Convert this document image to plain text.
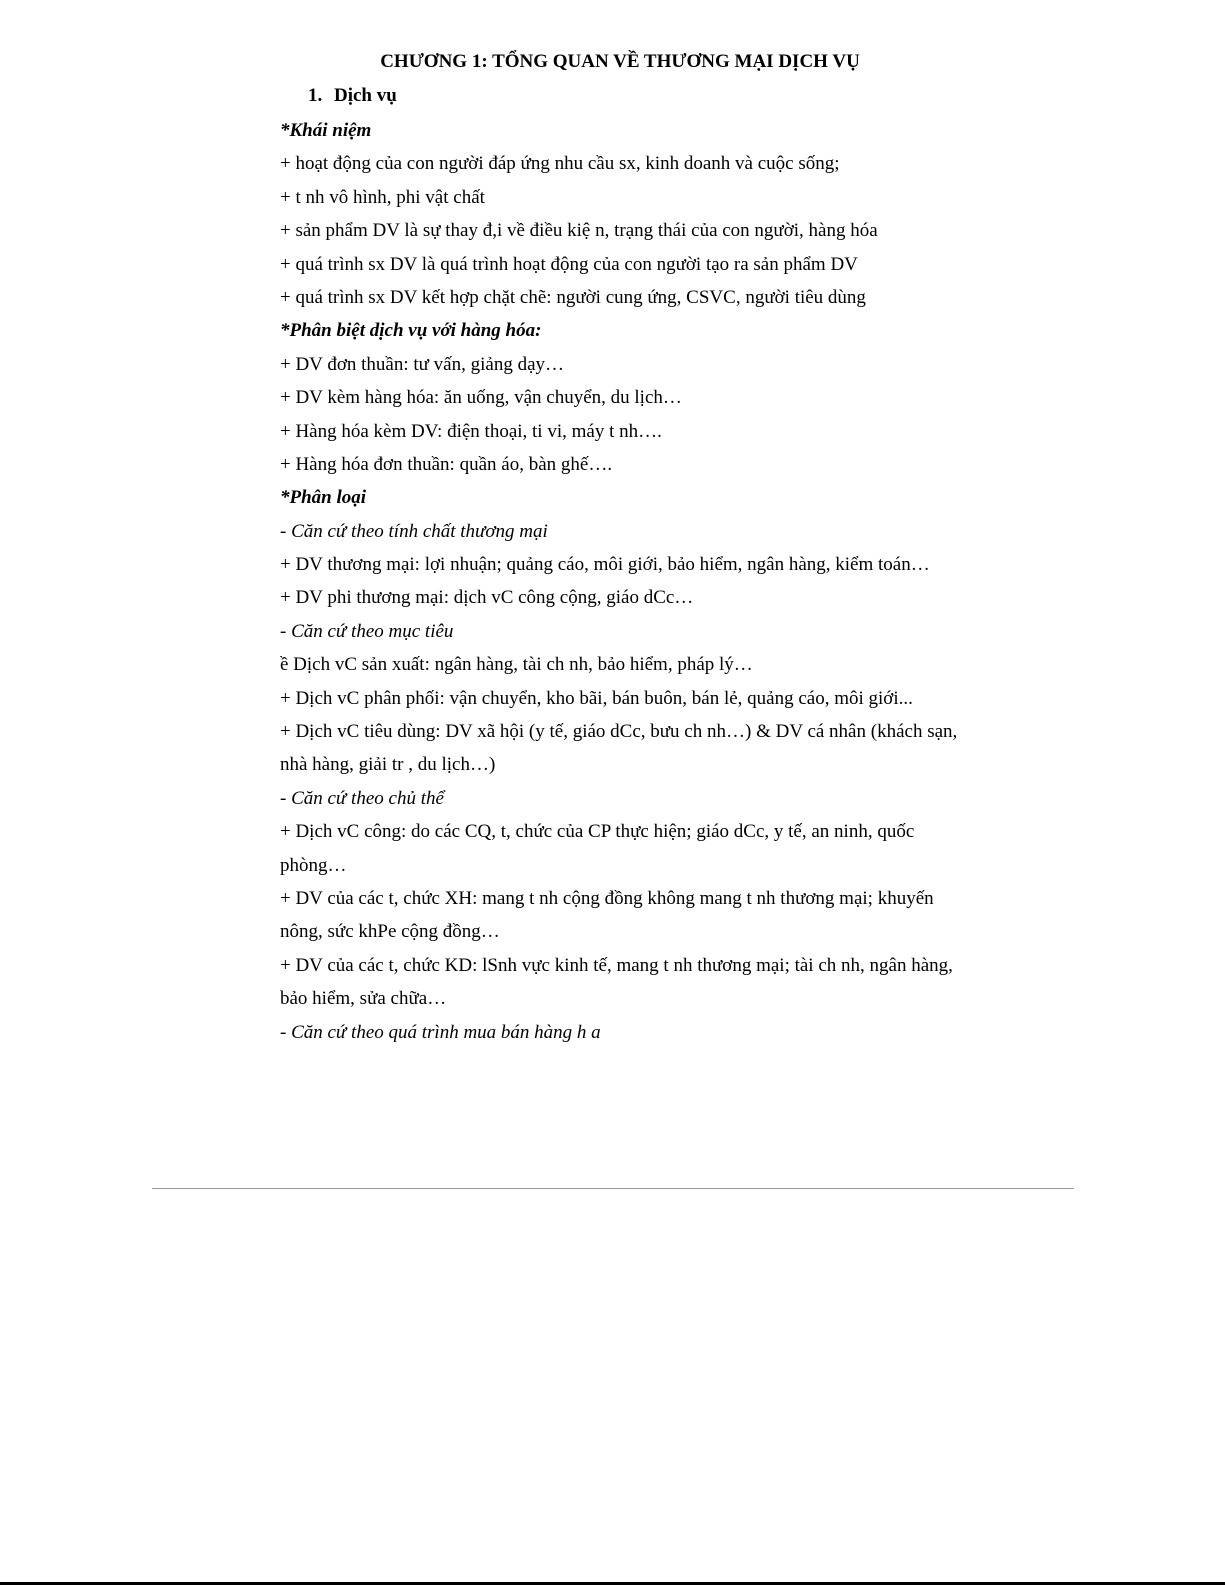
CHƯƠNG 1: TỔNG QUAN VỀ THƯƠNG MẠI DỊCH VỤ
1. Dịch vụ
*Khái niệm
+ hoạt động của con người đáp ứng nhu cầu sx, kinh doanh và cuộc sống;
+ t nh vô hình, phi vật chất
+ sản phẩm DV là sự thay đ,i về điều kiệ n, trạng thái của con người, hàng hóa
+ quá trình sx DV là quá trình hoạt động của con người tạo ra sản phẩm DV
+ quá trình sx DV kết hợp chặt chẽ: người cung ứng, CSVC, người tiêu dùng
*Phân biệt dịch vụ với hàng hóa:
+ DV đơn thuần: tư vấn, giảng dạy…
+ DV kèm hàng hóa: ăn uống, vận chuyển, du lịch…
+ Hàng hóa kèm DV: điện thoại, ti vi, máy t nh….
+ Hàng hóa đơn thuần: quần áo, bàn ghế….
*Phân loại
- Căn cứ theo tính chất thương mại
+ DV thương mại: lợi nhuận; quảng cáo, môi giới, bảo hiểm, ngân hàng, kiểm toán…
+ DV phi thương mại: dịch vC công cộng, giáo dCc…
- Căn cứ theo mục tiêu
ề Dịch vC sản xuất: ngân hàng, tài ch nh, bảo hiểm, pháp lý…
+ Dịch vC phân phối: vận chuyển, kho bãi, bán buôn, bán lẻ, quảng cáo, môi giới...
+ Dịch vC tiêu dùng: DV xã hội (y tế, giáo dCc, bưu ch nh…) & DV cá nhân (khách sạn,
nhà hàng, giải tr , du lịch…)
- Căn cứ theo chủ thể
+ Dịch vC công: do các CQ, t, chức của CP thực hiện; giáo dCc, y tế, an ninh, quốc
phòng…
+ DV của các t, chức XH: mang t nh cộng đồng không mang t nh thương mại; khuyến
nông, sức khPe cộng đồng…
+ DV của các t, chức KD: lSnh vực kinh tế, mang t nh thương mại; tài ch nh, ngân hàng,
bảo hiểm, sửa chữa…
- Căn cứ theo quá trình mua bán hàng h a
